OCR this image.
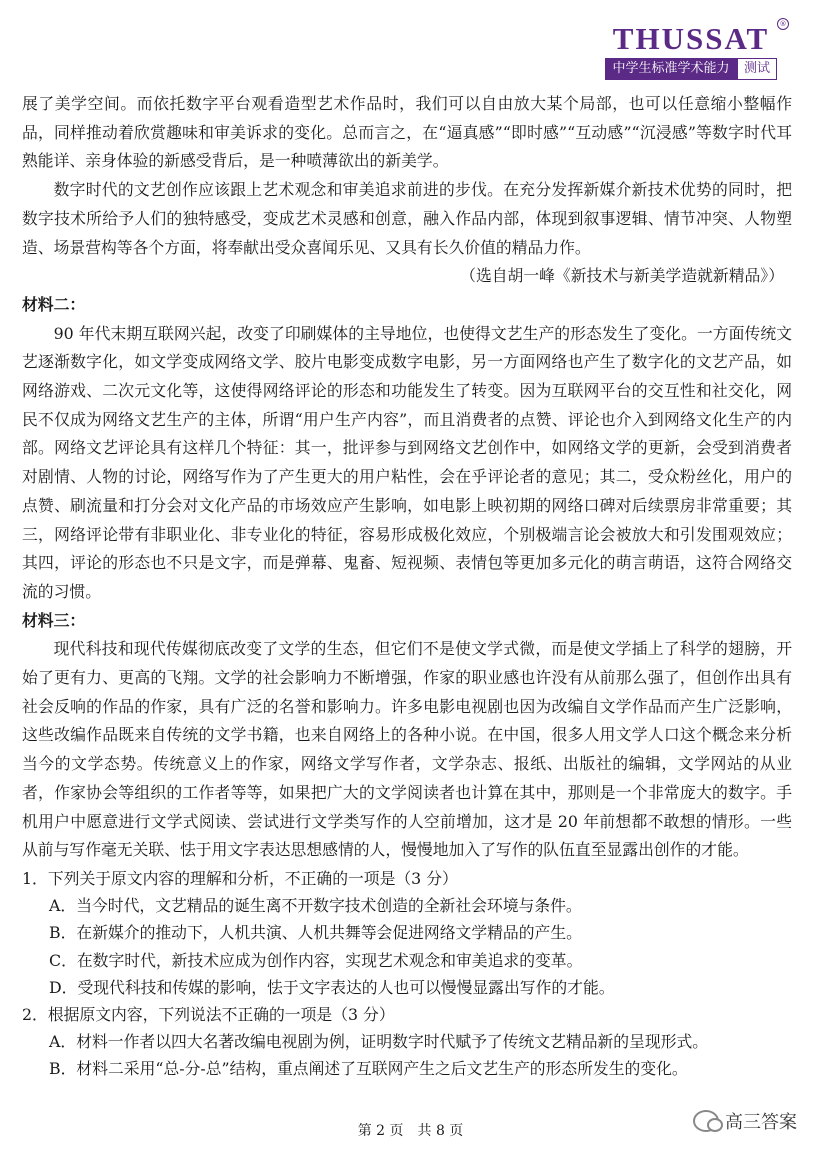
THUSSAT	®
中学生标准学术能力	测试

展了美学空间。而依托数字平台观看造型艺术作品时，我们可以自由放大某个局部，也可以任意缩小整幅作品，同样推动着欣赏趣味和审美诉求的变化。总而言之，在“逼真感”“即时感”“互动感”“沉浸感”等数字时代耳熟能详、亲身体验的新感受背后，是一种喷薄欲出的新美学。

数字时代的文艺创作应该跟上艺术观念和审美追求前进的步伐。在充分发挥新媒介新技术优势的同时，把数字技术所给予人们的独特感受，变成艺术灵感和创意，融入作品内部，体现到叙事逻辑、情节冲突、人物塑造、场景营构等各个方面，将奉献出受众喜闻乐见、又具有长久价值的精品力作。

（选自胡一峰《新技术与新美学造就新精品》）

材料二：

90 年代末期互联网兴起，改变了印刷媒体的主导地位，也使得文艺生产的形态发生了变化。一方面传统文艺逐渐数字化，如文学变成网络文学、胶片电影变成数字电影，另一方面网络也产生了数字化的文艺产品，如网络游戏、二次元文化等，这使得网络评论的形态和功能发生了转变。因为互联网平台的交互性和社交化，网民不仅成为网络文艺生产的主体，所谓“用户生产内容”，而且消费者的点赞、评论也介入到网络文化生产的内部。网络文艺评论具有这样几个特征：其一，批评参与到网络文艺创作中，如网络文学的更新，会受到消费者对剧情、人物的讨论，网络写作为了产生更大的用户粘性，会在乎评论者的意见；其二，受众粉丝化，用户的点赞、刷流量和打分会对文化产品的市场效应产生影响，如电影上映初期的网络口碑对后续票房非常重要；其三，网络评论带有非职业化、非专业化的特征，容易形成极化效应，个别极端言论会被放大和引发围观效应；其四，评论的形态也不只是文字，而是弹幕、鬼畜、短视频、表情包等更加多元化的萌言萌语，这符合网络交流的习惯。

材料三：

现代科技和现代传媒彻底改变了文学的生态，但它们不是使文学式微，而是使文学插上了科学的翅膀，开始了更有力、更高的飞翔。文学的社会影响力不断增强，作家的职业感也许没有从前那么强了，但创作出具有社会反响的作品的作家，具有广泛的名誉和影响力。许多电影电视剧也因为改编自文学作品而产生广泛影响，这些改编作品既来自传统的文学书籍，也来自网络上的各种小说。在中国，很多人用文学人口这个概念来分析当今的文学态势。传统意义上的作家，网络文学写作者，文学杂志、报纸、出版社的编辑，文学网站的从业者，作家协会等组织的工作者等等，如果把广大的文学阅读者也计算在其中，那则是一个非常庞大的数字。手机用户中愿意进行文学式阅读、尝试进行文学类写作的人空前增加，这才是 20 年前想都不敢想的情形。一些从前与写作毫无关联、怯于用文字表达思想感情的人，慢慢地加入了写作的队伍直至显露出创作的才能。

1．下列关于原文内容的理解和分析，不正确的一项是（3 分）

A．当今时代，文艺精品的诞生离不开数字技术创造的全新社会环境与条件。

B．在新媒介的推动下，人机共演、人机共舞等会促进网络文学精品的产生。

C．在数字时代，新技术应成为创作内容，实现艺术观念和审美追求的变革。

D．受现代科技和传媒的影响，怯于文字表达的人也可以慢慢显露出写作的才能。

2．根据原文内容，下列说法不正确的一项是（3 分）

A．材料一作者以四大名著改编电视剧为例，证明数字时代赋予了传统文艺精品新的呈现形式。

B．材料二采用“总-分-总”结构，重点阐述了互联网产生之后文艺生产的形态所发生的变化。

第 2 页　共 8 页	高三答案
